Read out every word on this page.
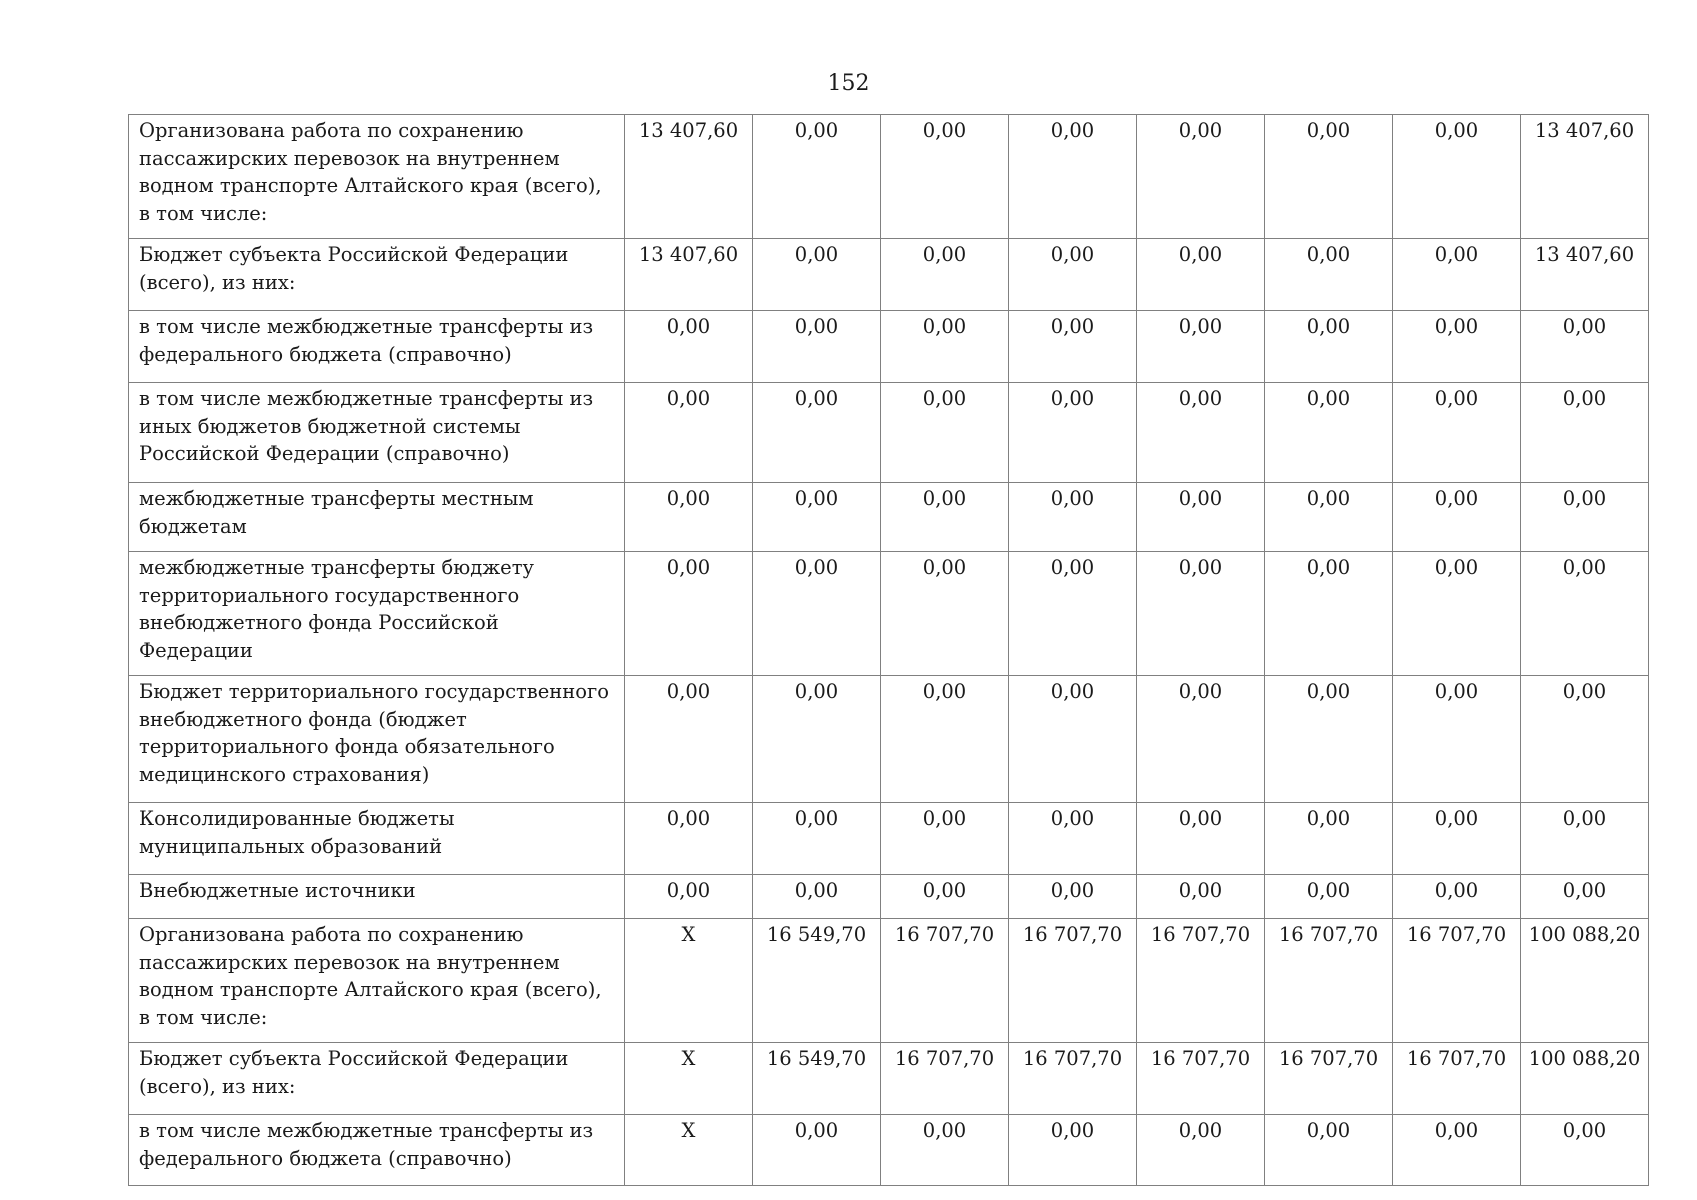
152
Организована работа по сохранению пассажирских перевозок на внутреннем водном транспорте Алтайского края (всего), в том числе:	13 407,60	0,00	0,00	0,00	0,00	0,00	0,00	13 407,60
Бюджет субъекта Российской Федерации (всего), из них:	13 407,60	0,00	0,00	0,00	0,00	0,00	0,00	13 407,60
в том числе межбюджетные трансферты из федерального бюджета (справочно)	0,00	0,00	0,00	0,00	0,00	0,00	0,00	0,00
в том числе межбюджетные трансферты из иных бюджетов бюджетной системы Российской Федерации (справочно)	0,00	0,00	0,00	0,00	0,00	0,00	0,00	0,00
межбюджетные трансферты местным бюджетам	0,00	0,00	0,00	0,00	0,00	0,00	0,00	0,00
межбюджетные трансферты бюджету территориального государственного внебюджетного фонда Российской Федерации	0,00	0,00	0,00	0,00	0,00	0,00	0,00	0,00
Бюджет территориального государственного внебюджетного фонда (бюджет территориального фонда обязательного медицинского страхования)	0,00	0,00	0,00	0,00	0,00	0,00	0,00	0,00
Консолидированные бюджеты муниципальных образований	0,00	0,00	0,00	0,00	0,00	0,00	0,00	0,00
Внебюджетные источники	0,00	0,00	0,00	0,00	0,00	0,00	0,00	0,00
Организована работа по сохранению пассажирских перевозок на внутреннем водном транспорте Алтайского края (всего), в том числе:	Х	16 549,70	16 707,70	16 707,70	16 707,70	16 707,70	16 707,70	100 088,20
Бюджет субъекта Российской Федерации (всего), из них:	Х	16 549,70	16 707,70	16 707,70	16 707,70	16 707,70	16 707,70	100 088,20
в том числе межбюджетные трансферты из федерального бюджета (справочно)	Х	0,00	0,00	0,00	0,00	0,00	0,00	0,00
